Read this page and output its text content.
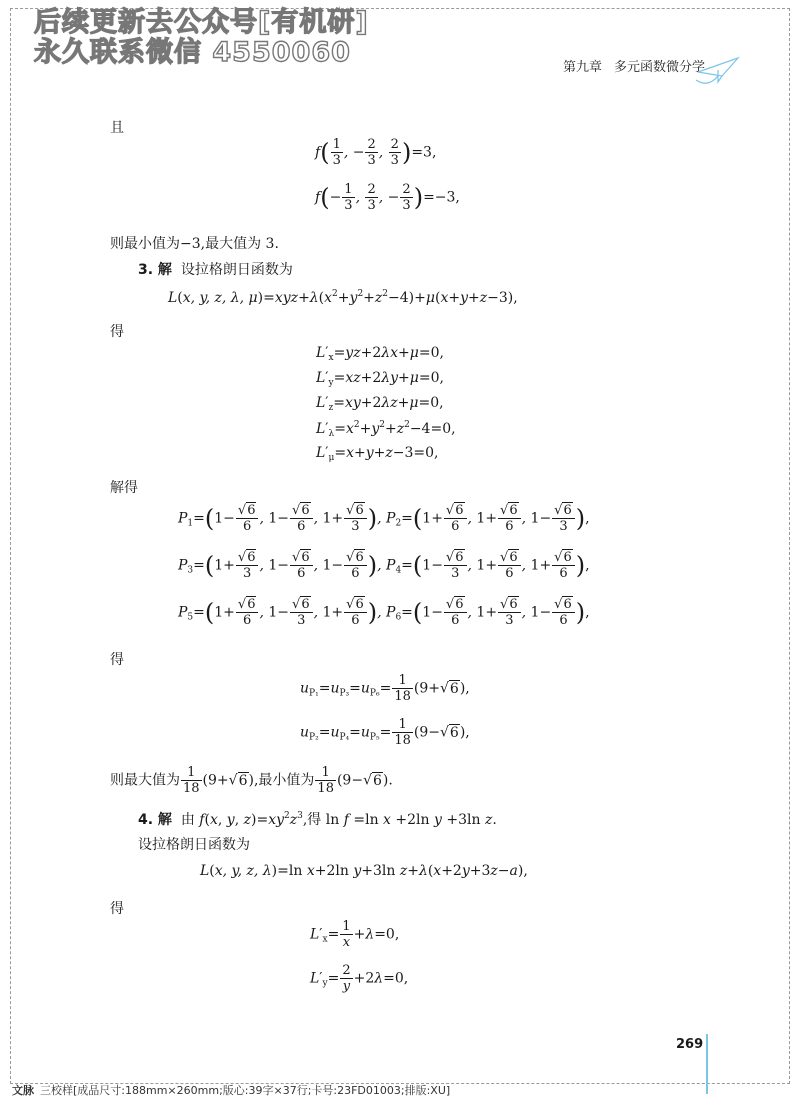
后续更新去公众号[有机研]
永久联系微信 4550060	第九章 多元函数微分学
且
$f( \frac{1}{3}$ , − $\frac{2}{3}$ , $\frac{2}{3} )=3$,
$f(- \frac{1}{3}$ , $\frac{2}{3}$ , − $\frac{2}{3} )=-3$,
则最小值为−3,最大值为 3.
3. 解 设拉格朗日函数为
L(x, y, z, λ, $\mu)=xyz+\lambda(x^2+y^2+z^2-4)+\mu(x+y+z-3)$,
得
$L'_x=yz+2\lambda x+\mu=0$,
$L'_y=xz+2\lambda y+\mu=0$,
$L'_z=xy+2\lambda z+\mu=0$,
$L'_\lambda=x^2+y^2+z^2-4=0$,
$L'_\mu=x+y+z-3=0$,
解得
$P_1=(1- \frac{√6}{6}$ , $1- \frac{√6}{6}$ , $1+ \frac{√6}{3}$ ), $P_2=(1+ \frac{√6}{6}$ , $1+ \frac{√6}{6}$ , $1- \frac{√6}{3}$ ),
$P_3=(1+ \frac{√6}{3}$ , $1- \frac{√6}{6}$ , $1- \frac{√6}{6}$ ), $P_4=(1- \frac{√6}{3}$ , $1+ \frac{√6}{6}$ , $1+ \frac{√6}{6}$ ),
$P_5=(1+ \frac{√6}{6}$ , $1- \frac{√6}{3}$ , $1+ \frac{√6}{6}$ ), $P_6=(1- \frac{√6}{6}$ , $1+ \frac{√6}{3}$ , $1- \frac{√6}{6}$ ),
得
$u_{P_1}=u_{P_3}=u_{P_6}= \frac{1}{18} (9+√6)$,
$u_{P_2}=u_{P_4}=u_{P_5}= \frac{1}{18} (9-√6)$,
则最大值为 $\frac{1}{18} (9+√6)$,最小值为 $\frac{1}{18} (9-√6)$.
4. 解 由 f(x, y, $z)=xy^2z^3$,得 ln f =ln x +2ln y +3ln z.
设拉格朗日函数为
L(x, y, z, λ)=ln x+2ln y+3ln z+λ(x+2y+3z−a),
得
$L'_x= \frac{1}{x} +\lambda=0$,
$L'_y= \frac{2}{y} +2\lambda=0$,
269
文脉 三校样[成品尺寸:188mm×260mm;版心:39字×37行;卡号:23FD01003;排版:XU]
